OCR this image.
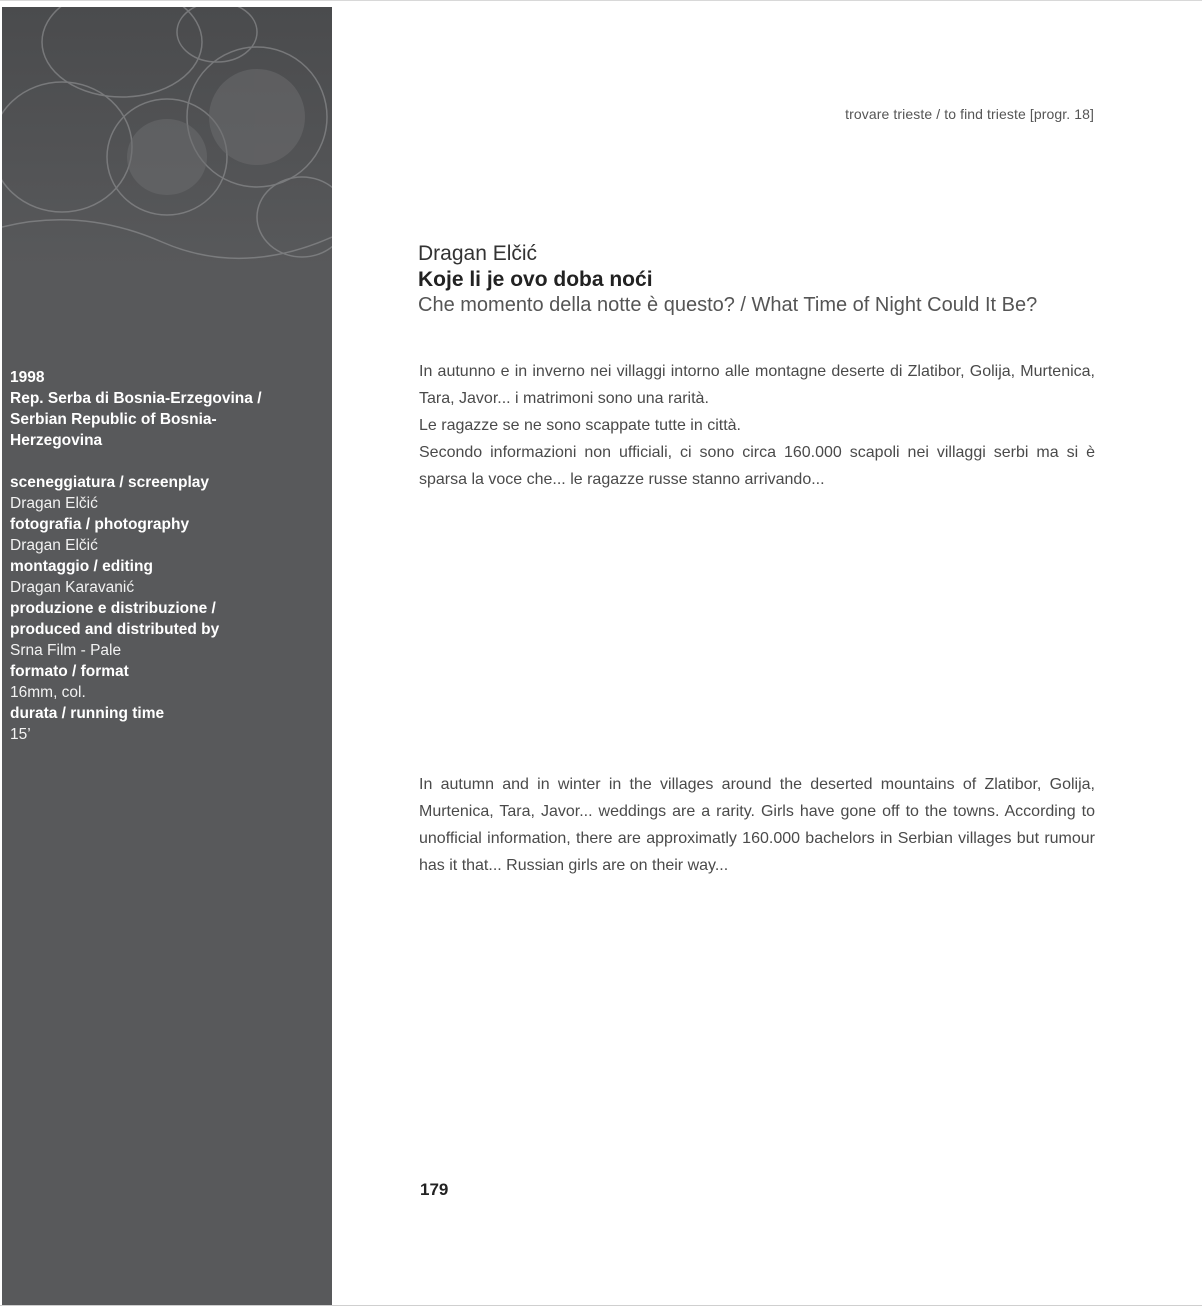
1998
Rep. Serba di Bosnia-Erzegovina /
Serbian Republic of Bosnia-
Herzegovina
sceneggiatura / screenplay
Dragan Elčić
fotografia / photography
Dragan Elčić
montaggio / editing
Dragan Karavanić
produzione e distribuzione /
produced and distributed by
Srna Film - Pale
formato / format
16mm, col.
durata / running time
15’
trovare trieste / to find trieste [progr. 18]
Dragan Elčić
Koje li je ovo doba noći
Che momento della notte è questo? / What Time of Night Could It Be?
In autunno e in inverno nei villaggi intorno alle montagne deserte di Zlatibor, Golija, Murtenica, Tara, Javor... i matrimoni sono una rarità.
Le ragazze se ne sono scappate tutte in città.
Secondo informazioni non ufficiali, ci sono circa 160.000 scapoli nei villaggi serbi ma si è sparsa la voce che... le ragazze russe stanno arrivando...

In autumn and in winter in the villages around the deserted mountains of Zlatibor, Golija, Murtenica, Tara, Javor... weddings are a rarity. Girls have gone off to the towns. According to unofficial information, there are approximatly 160.000 bachelors in Serbian villages but rumour has it that... Russian girls are on their way...

179
